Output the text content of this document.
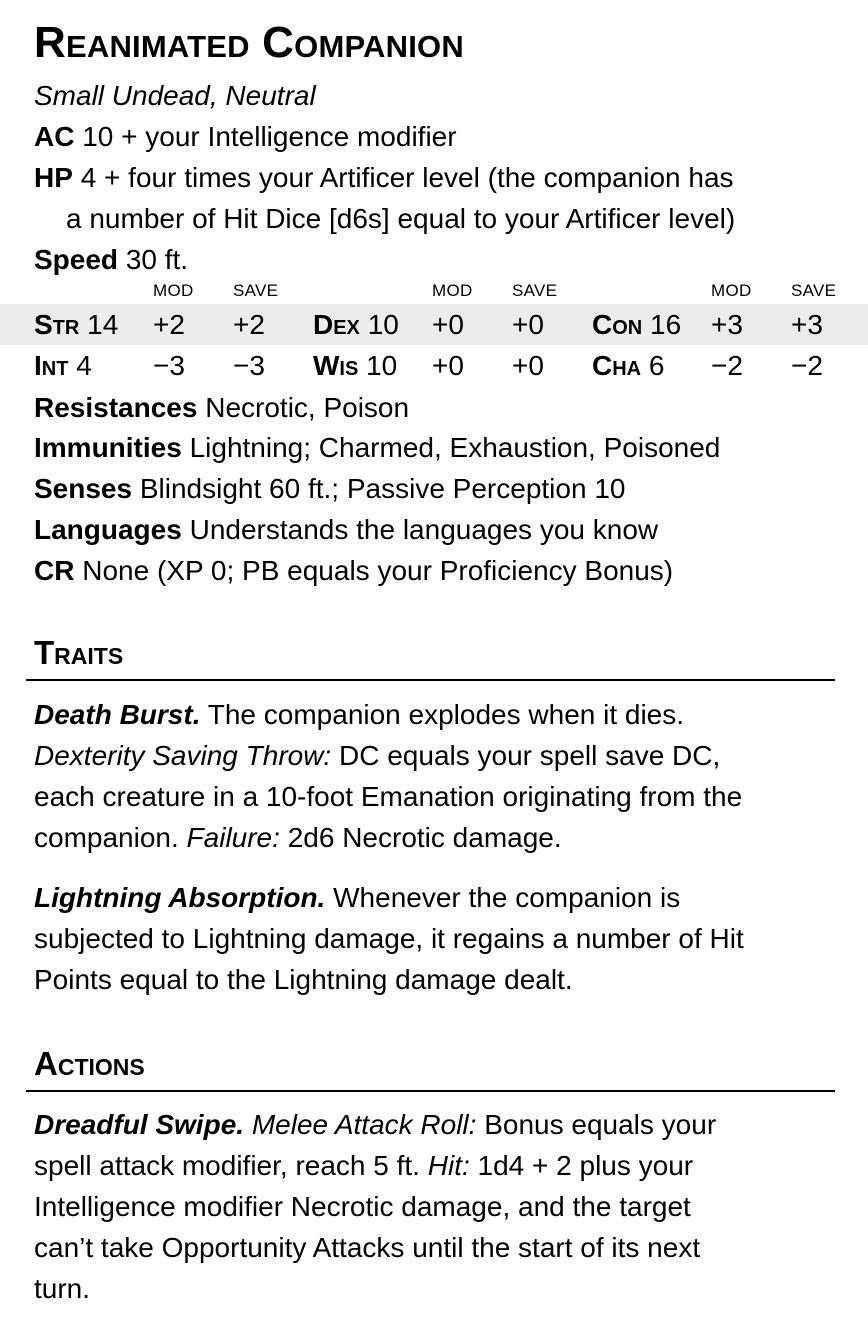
Reanimated Companion
Small Undead, Neutral
AC 10 + your Intelligence modifier
HP 4 + four times your Artificer level (the companion has
a number of Hit Dice [d6s] equal to your Artificer level)
Speed 30 ft.
MOD SAVE	MOD SAVE	MOD SAVE
Str 14 +2 +2 Dex 10 +0 +0 Con 16 +3 +3
Int 4 −3 −3 Wis 10 +0 +0 Cha 6 −2 −2
Resistances Necrotic, Poison
Immunities Lightning; Charmed, Exhaustion, Poisoned
Senses Blindsight 60 ft.; Passive Perception 10
Languages Understands the languages you know
CR None (XP 0; PB equals your Proficiency Bonus)
Traits
Death Burst. The companion explodes when it dies.
Dexterity Saving Throw: DC equals your spell save DC,
each creature in a 10-foot Emanation originating from the
companion. Failure: 2d6 Necrotic damage.
Lightning Absorption. Whenever the companion is
subjected to Lightning damage, it regains a number of Hit
Points equal to the Lightning damage dealt.
Actions
Dreadful Swipe. Melee Attack Roll: Bonus equals your
spell attack modifier, reach 5 ft. Hit: 1d4 + 2 plus your
Intelligence modifier Necrotic damage, and the target
can’t take Opportunity Attacks until the start of its next
turn.
